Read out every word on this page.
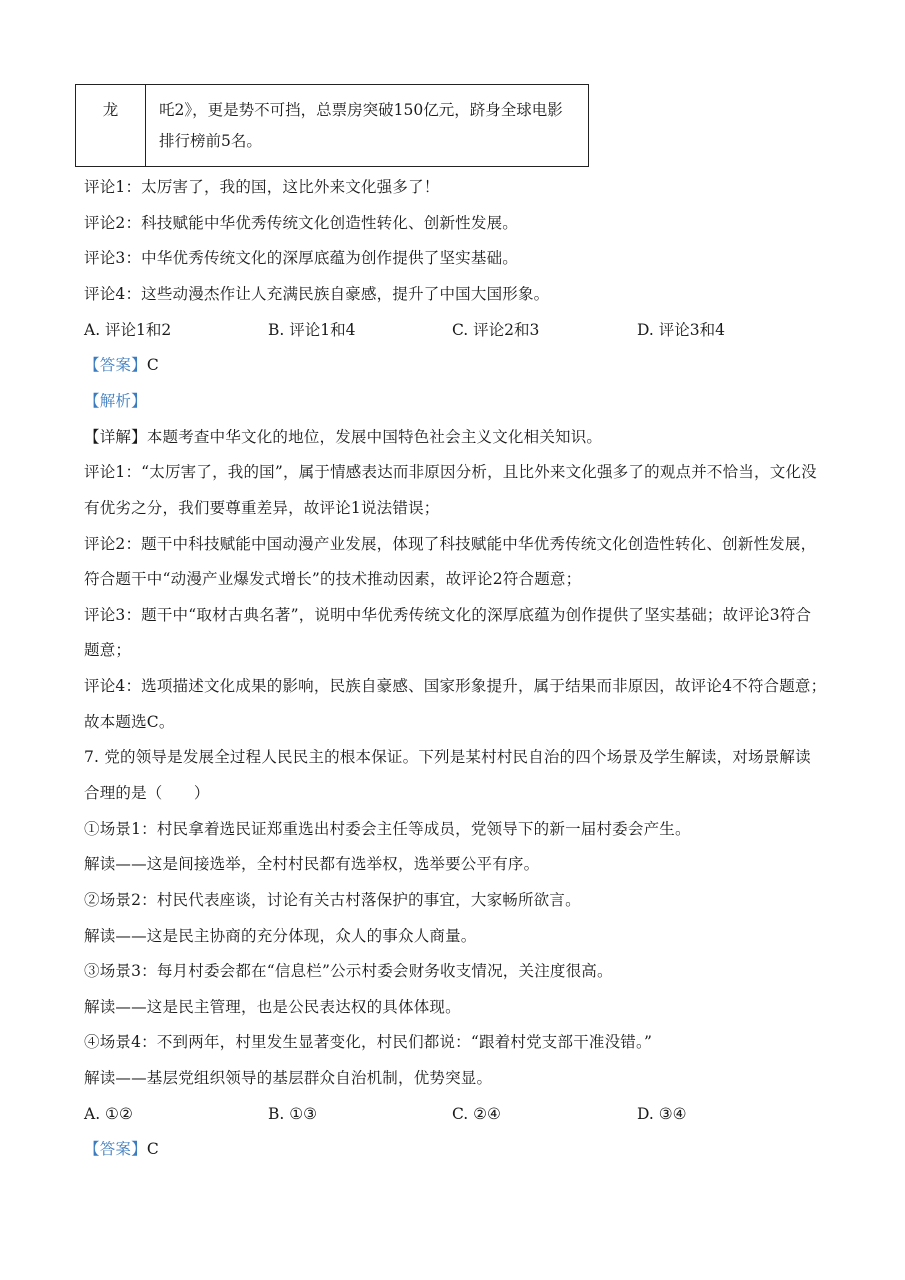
龙	吒2》，更是势不可挡，总票房突破150亿元，跻身全球电影
排行榜前5名。
评论1：太厉害了，我的国，这比外来文化强多了！
评论2：科技赋能中华优秀传统文化创造性转化、创新性发展。
评论3：中华优秀传统文化的深厚底蕴为创作提供了坚实基础。
评论4：这些动漫杰作让人充满民族自豪感，提升了中国大国形象。
A. 评论1和2	B. 评论1和4	C. 评论2和3	D. 评论3和4
【答案】C
【解析】
【详解】本题考查中华文化的地位，发展中国特色社会主义文化相关知识。
评论1：“太厉害了，我的国”，属于情感表达而非原因分析，且比外来文化强多了的观点并不恰当，文化没
有优劣之分，我们要尊重差异，故评论1说法错误；
评论2：题干中科技赋能中国动漫产业发展，体现了科技赋能中华优秀传统文化创造性转化、创新性发展，
符合题干中“动漫产业爆发式增长”的技术推动因素，故评论2符合题意；
评论3：题干中“取材古典名著”，说明中华优秀传统文化的深厚底蕴为创作提供了坚实基础；故评论3符合
题意；
评论4：选项描述文化成果的影响，民族自豪感、国家形象提升，属于结果而非原因，故评论4不符合题意；
故本题选C。
7. 党的领导是发展全过程人民民主的根本保证。下列是某村村民自治的四个场景及学生解读，对场景解读
合理的是（　　）
①场景1：村民拿着选民证郑重选出村委会主任等成员，党领导下的新一届村委会产生。
解读——这是间接选举，全村村民都有选举权，选举要公平有序。
②场景2：村民代表座谈，讨论有关古村落保护的事宜，大家畅所欲言。
解读——这是民主协商的充分体现，众人的事众人商量。
③场景3：每月村委会都在“信息栏”公示村委会财务收支情况，关注度很高。
解读——这是民主管理，也是公民表达权的具体体现。
④场景4：不到两年，村里发生显著变化，村民们都说：“跟着村党支部干准没错。”
解读——基层党组织领导的基层群众自治机制，优势突显。
A. ①②	B. ①③	C. ②④	D. ③④
【答案】C
